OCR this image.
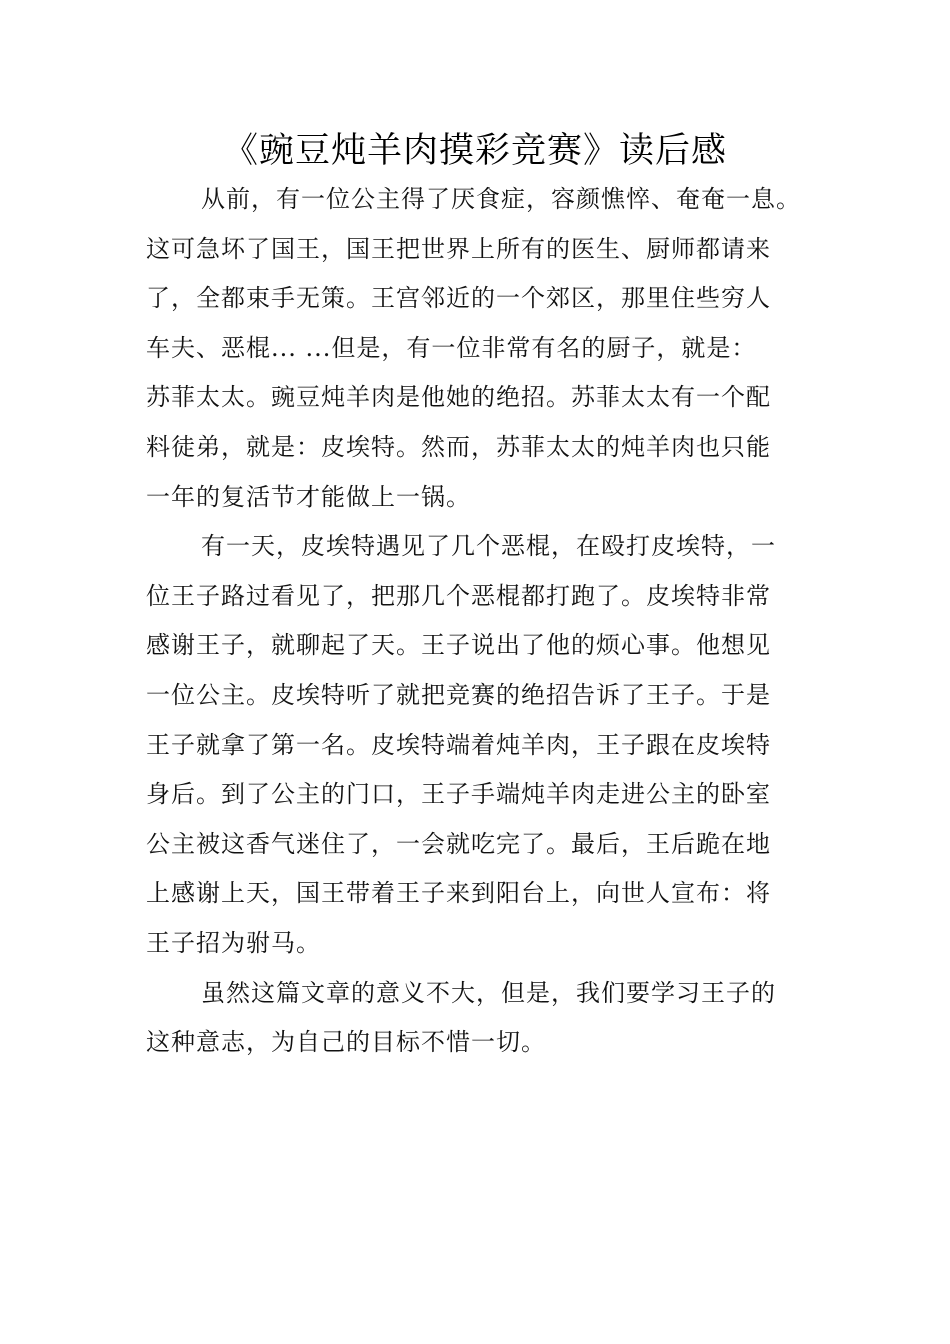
《豌豆炖羊肉摸彩竞赛》读后感
从前，有一位公主得了厌食症，容颜憔悴、奄奄一息。
这可急坏了国王，国王把世界上所有的医生、厨师都请来
了，全都束手无策。王宫邻近的一个郊区，那里住些穷人
车夫、恶棍... ...但是，有一位非常有名的厨子，就是：
苏菲太太。豌豆炖羊肉是他她的绝招。苏菲太太有一个配
料徒弟，就是：皮埃特。然而，苏菲太太的炖羊肉也只能
一年的复活节才能做上一锅。
有一天，皮埃特遇见了几个恶棍，在殴打皮埃特，一
位王子路过看见了，把那几个恶棍都打跑了。皮埃特非常
感谢王子，就聊起了天。王子说出了他的烦心事。他想见
一位公主。皮埃特听了就把竞赛的绝招告诉了王子。于是
王子就拿了第一名。皮埃特端着炖羊肉，王子跟在皮埃特
身后。到了公主的门口，王子手端炖羊肉走进公主的卧室
公主被这香气迷住了，一会就吃完了。最后，王后跪在地
上感谢上天，国王带着王子来到阳台上，向世人宣布：将
王子招为驸马。
虽然这篇文章的意义不大，但是，我们要学习王子的
这种意志，为自己的目标不惜一切。
